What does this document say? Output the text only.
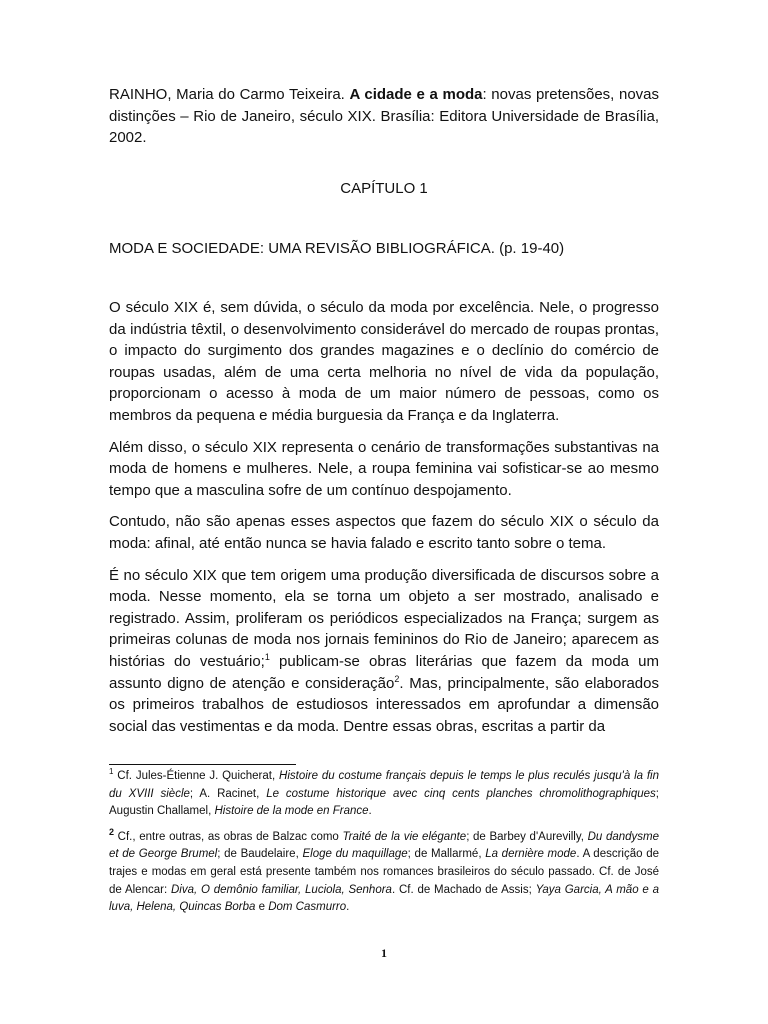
RAINHO, Maria do Carmo Teixeira. A cidade e a moda: novas pretensões, novas distinções – Rio de Janeiro, século XIX. Brasília: Editora Universidade de Brasília, 2002.
CAPÍTULO 1
MODA E SOCIEDADE: UMA REVISÃO BIBLIOGRÁFICA. (p. 19-40)

O século XIX é, sem dúvida, o século da moda por excelência. Nele, o progresso da indústria têxtil, o desenvolvimento considerável do mercado de roupas prontas, o impacto do surgimento dos grandes magazines e o declínio do comércio de roupas usadas, além de uma certa melhoria no nível de vida da população, proporcionam o acesso à moda de um maior número de pessoas, como os membros da pequena e média burguesia da França e da Inglaterra.

Além disso, o século XIX representa o cenário de transformações substantivas na moda de homens e mulheres. Nele, a roupa feminina vai sofisticar-se ao mesmo tempo que a masculina sofre de um contínuo despojamento.

Contudo, não são apenas esses aspectos que fazem do século XIX o século da moda: afinal, até então nunca se havia falado e escrito tanto sobre o tema.

É no século XIX que tem origem uma produção diversificada de discursos sobre a moda. Nesse momento, ela se torna um objeto a ser mostrado, analisado e registrado. Assim, proliferam os periódicos especializados na França; surgem as primeiras colunas de moda nos jornais femininos do Rio de Janeiro; aparecem as histórias do vestuário;$^1$ publicam-se obras literárias que fazem da moda um assunto digno de atenção e consideração$^2$. Mas, principalmente, são elaborados os primeiros trabalhos de estudiosos interessados em aprofundar a dimensão social das vestimentas e da moda. Dentre essas obras, escritas a partir da

$^1$ Cf. Jules-Étienne J. Quicherat, Histoire du costume français depuis le temps le plus reculés jusqu'à la fin du XVIII siècle; A. Racinet, Le costume historique avec cinq cents planches chromolithographiques; Augustin Challamel, Histoire de la mode en France.

$^2$ Cf., entre outras, as obras de Balzac como Traité de la vie elégante; de Barbey d'Aurevilly, Du dandysme et de George Brumel; de Baudelaire, Eloge du maquillage; de Mallarmé, La dernière mode. A descrição de trajes e modas em geral está presente também nos romances brasileiros do século passado. Cf. de José de Alencar: Diva, O demônio familiar, Luciola, Senhora. Cf. de Machado de Assis; Yaya Garcia, A mão e a luva, Helena, Quincas Borba e Dom Casmurro.

1
